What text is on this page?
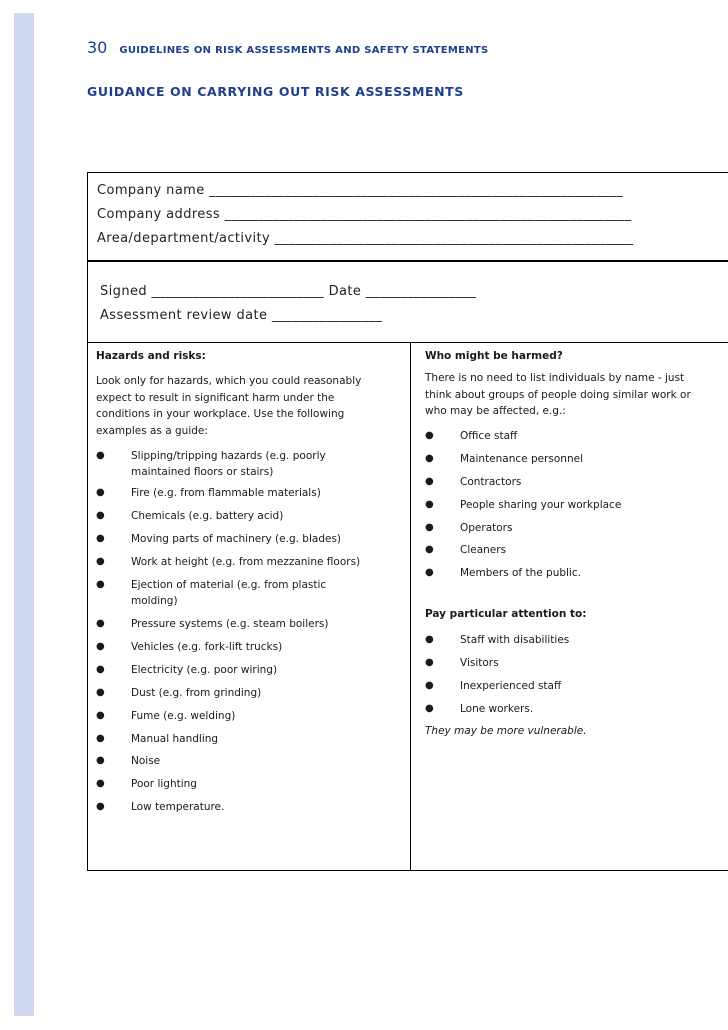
30 GUIDELINES ON RISK ASSESSMENTS AND SAFETY STATEMENTS
GUIDANCE ON CARRYING OUT RISK ASSESSMENTS
Company name ____________________________________________________________
Company address ___________________________________________________________
Area/department/activity ____________________________________________________
Signed _________________________ Date ________________
Assessment review date ________________
Hazards and risks:
Look only for hazards, which you could reasonably
expect to result in significant harm under the
conditions in your workplace. Use the following
examples as a guide:
●	Slipping/tripping hazards (e.g. poorly
maintained floors or stairs)
●	Fire (e.g. from flammable materials)
●	Chemicals (e.g. battery acid)
●	Moving parts of machinery (e.g. blades)
●	Work at height (e.g. from mezzanine floors)
●	Ejection of material (e.g. from plastic
molding)
●	Pressure systems (e.g. steam boilers)
●	Vehicles (e.g. fork-lift trucks)
●	Electricity (e.g. poor wiring)
●	Dust (e.g. from grinding)
●	Fume (e.g. welding)
●	Manual handling
●	Noise
●	Poor lighting
●	Low temperature.
Who might be harmed?
There is no need to list individuals by name - just
think about groups of people doing similar work or
who may be affected, e.g.:
Pay particular attention to:
They may be more vulnerable.
●	Office staff
●	Maintenance personnel
●	Contractors
●	People sharing your workplace
●	Operators
●	Cleaners
●	Members of the public.
●	Staff with disabilities
●	Visitors
●	Inexperienced staff
●	Lone workers.
